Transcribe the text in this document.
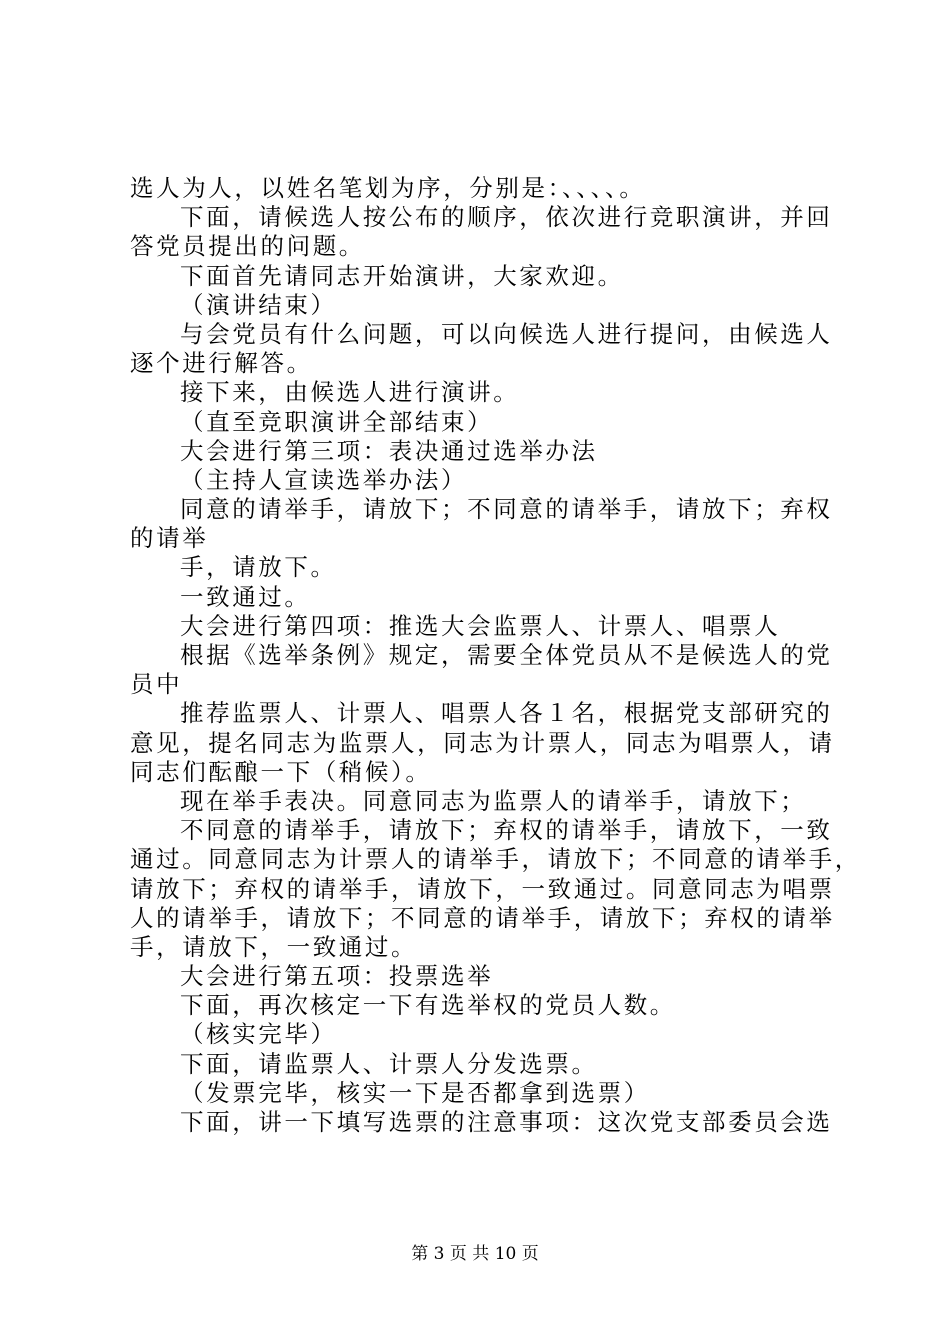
选人为人，以姓名笔划为序，分别是：、、、、。
下面，请候选人按公布的顺序，依次进行竞职演讲，并回
答党员提出的问题。
下面首先请同志开始演讲，大家欢迎。
（演讲结束）
与会党员有什么问题，可以向候选人进行提问，由候选人
逐个进行解答。
接下来，由候选人进行演讲。
（直至竞职演讲全部结束）
大会进行第三项：表决通过选举办法
（主持人宣读选举办法）
同意的请举手，请放下；不同意的请举手，请放下；弃权
的请举
手，请放下。
一致通过。
大会进行第四项：推选大会监票人、计票人、唱票人
根据《选举条例》规定，需要全体党员从不是候选人的党
员中
推荐监票人、计票人、唱票人各１名，根据党支部研究的
意见，提名同志为监票人，同志为计票人，同志为唱票人，请
同志们酝酿一下（稍候）。
现在举手表决。同意同志为监票人的请举手，请放下；
不同意的请举手，请放下；弃权的请举手，请放下，一致
通过。同意同志为计票人的请举手，请放下；不同意的请举手，
请放下；弃权的请举手，请放下，一致通过。同意同志为唱票
人的请举手，请放下；不同意的请举手，请放下；弃权的请举
手，请放下，一致通过。
大会进行第五项：投票选举
下面，再次核定一下有选举权的党员人数。
（核实完毕）
下面，请监票人、计票人分发选票。
（发票完毕，核实一下是否都拿到选票）
下面，讲一下填写选票的注意事项：这次党支部委员会选
第 3 页 共 10 页
